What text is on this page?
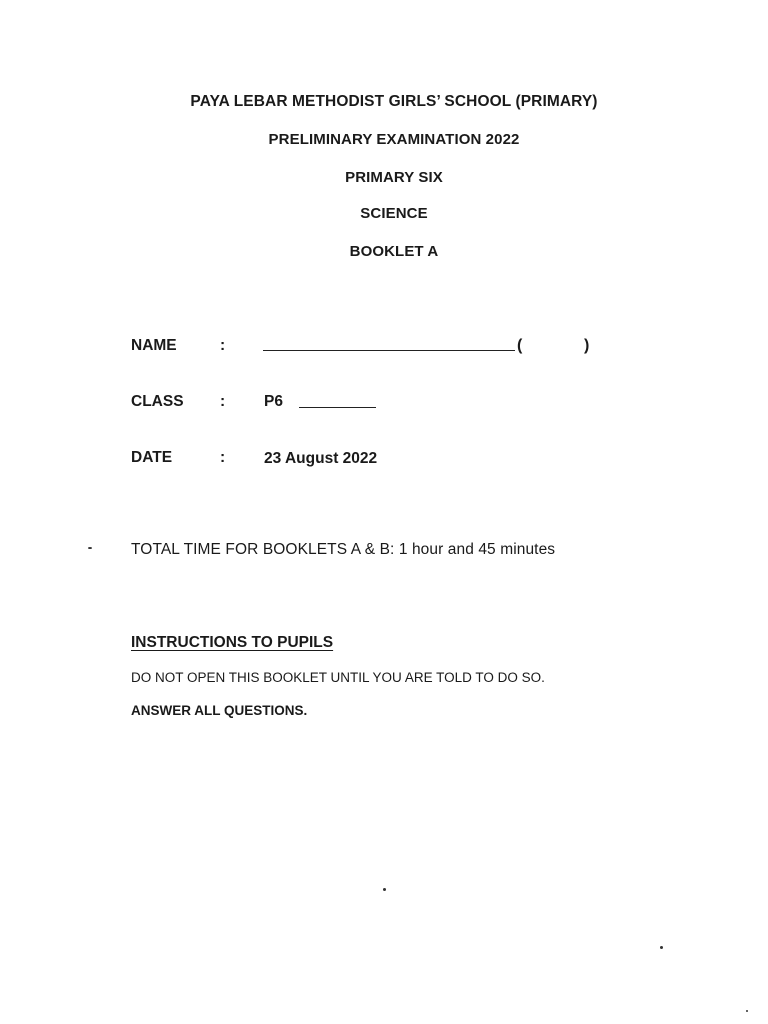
PAYA LEBAR METHODIST GIRLS’ SCHOOL (PRIMARY)
PRELIMINARY EXAMINATION 2022
PRIMARY SIX
SCIENCE
BOOKLET A
NAME	:	(	)
CLASS :	P6
DATE	:	23 August 2022
TOTAL TIME FOR BOOKLETS A & B: 1 hour and 45 minutes
INSTRUCTIONS TO PUPILS
DO NOT OPEN THIS BOOKLET UNTIL YOU ARE TOLD TO DO SO.
ANSWER ALL QUESTIONS.
